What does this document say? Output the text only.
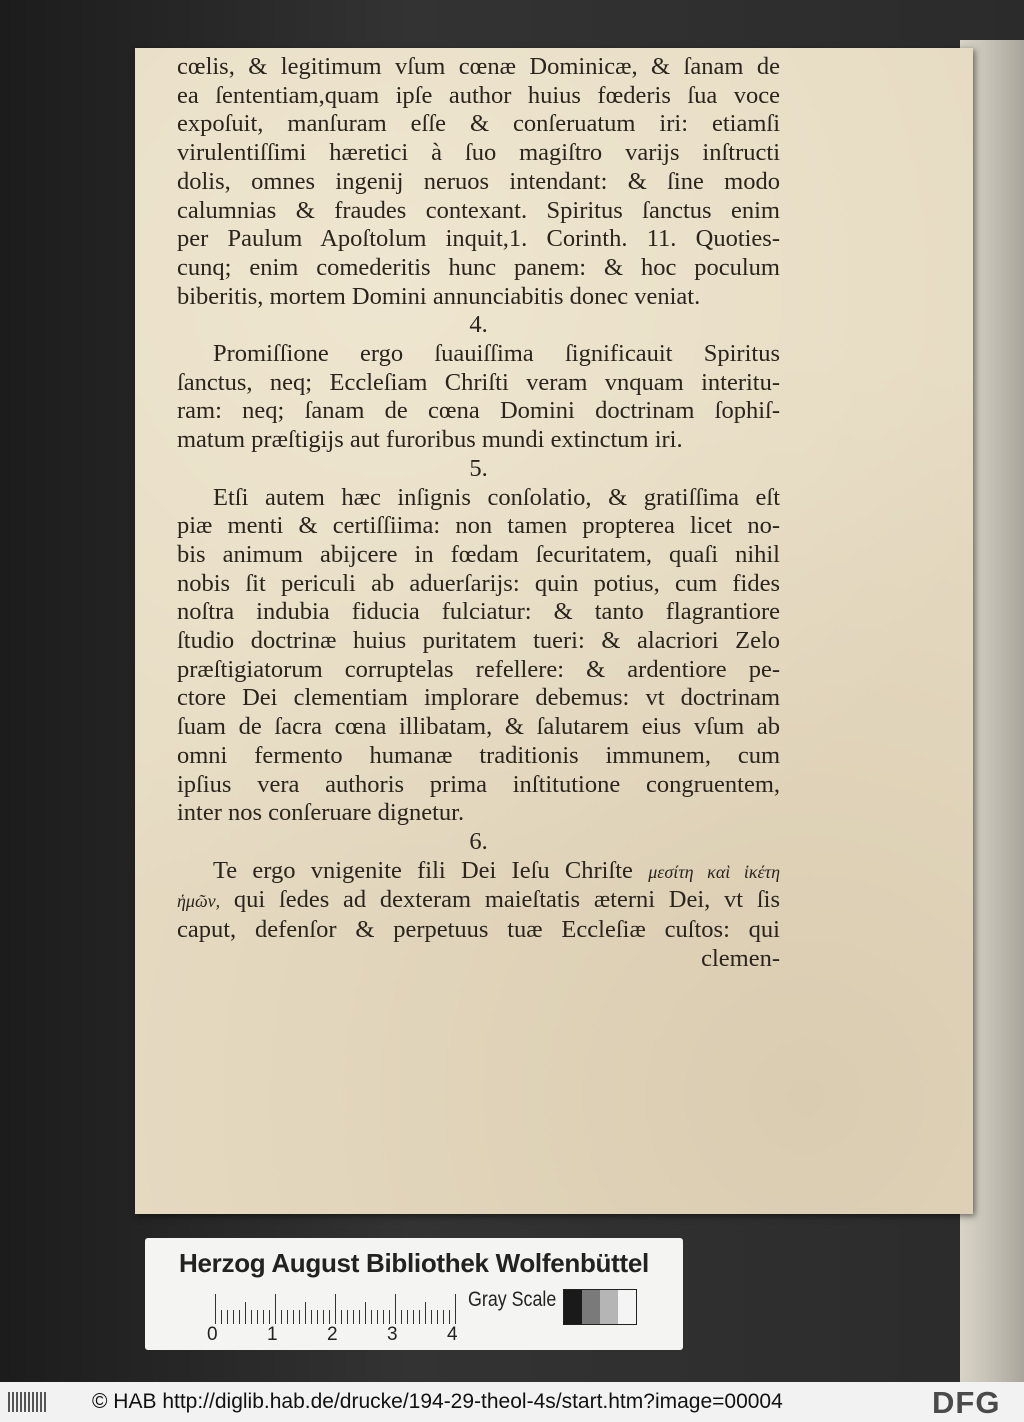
cœlis, & legitimum vſum cœnæ Dominicæ, & ſanam de
ea ſententiam,quam ipſe author huius fœderis ſua voce
expoſuit, manſuram eſſe & conſeruatum iri: etiamſi
virulentiſſimi hæretici à ſuo magiſtro varijs inſtructi
dolis, omnes ingenij neruos intendant: & ſine modo
calumnias & fraudes contexant. Spiritus ſanctus enim
per Paulum Apoſtolum inquit,1. Corinth. 11. Quoties-
cunq; enim comederitis hunc panem: & hoc poculum
biberitis, mortem Domini annunciabitis donec veniat.
4.
Promiſſione ergo ſuauiſſima ſignificauit Spiritus
ſanctus, neq; Eccleſiam Chriſti veram vnquam interitu-
ram: neq; ſanam de cœna Domini doctrinam ſophiſ-
matum præſtigijs aut furoribus mundi extinctum iri.
5.
Etſi autem hæc inſignis conſolatio, & gratiſſima eſt
piæ menti & certiſſiima: non tamen propterea licet no-
bis animum abijcere in fœdam ſecuritatem, quaſi nihil
nobis ſit periculi ab aduerſarijs: quin potius, cum fides
noſtra indubia fiducia fulciatur: & tanto flagrantiore
ſtudio doctrinæ huius puritatem tueri: & alacriori Zelo
præſtigiatorum corruptelas refellere: & ardentiore pe-
ctore Dei clementiam implorare debemus: vt doctrinam
ſuam de ſacra cœna illibatam, & ſalutarem eius vſum ab
omni fermento humanæ traditionis immunem, cum
ipſius vera authoris prima inſtitutione congruentem,
inter nos conſeruare dignetur.
6.
Te ergo vnigenite fili Dei Ieſu Chriſte μεσίτη καὶ ἱκέτη
ἡμῶν, qui ſedes ad dexteram maieſtatis æterni Dei, vt ſis
caput, defenſor & perpetuus tuæ Eccleſiæ cuſtos: qui
clemen-
Herzog August Bibliothek Wolfenbüttel
0	1	2	3	4
Gray Scale
© HAB http://diglib.hab.de/drucke/194-29-theol-4s/start.htm?image=00004	DFG
